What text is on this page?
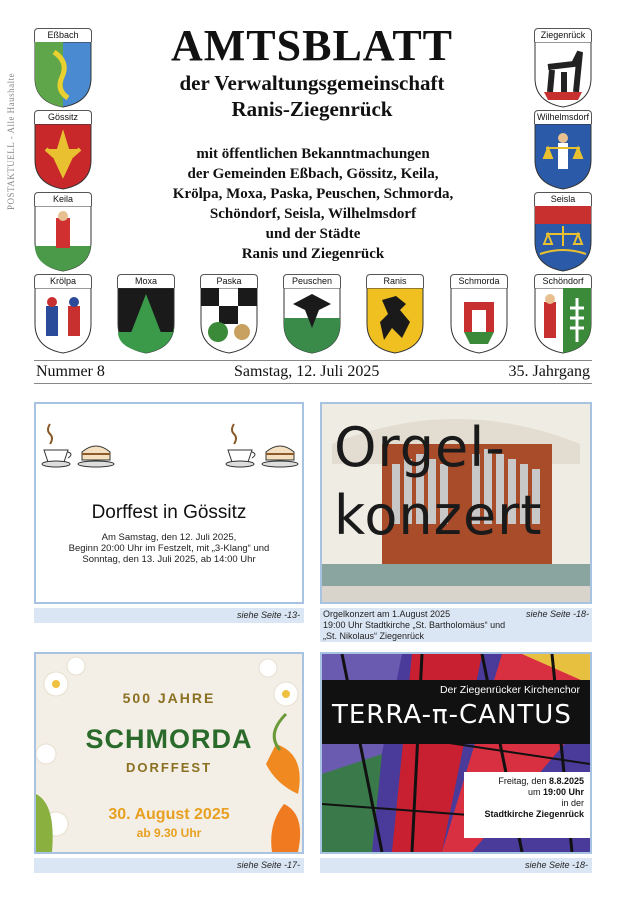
POSTAKTUELL - Alle Haushalte
AMTSBLATT
der Verwaltungsgemeinschaft
Ranis-Ziegenrück
mit öffentlichen Bekanntmachungen
der Gemeinden Eßbach, Gössitz, Keila,
Krölpa, Moxa, Paska, Peuschen, Schmorda,
Schöndorf, Seisla, Wilhelmsdorf
und der Städte
Ranis und Ziegenrück
Eßbach
Gössitz
Keila
Ziegenrück
Wilhelmsdorf
Seisla
Krölpa	Moxa	Paska	Peuschen	Ranis	Schmorda	Schöndorf
Nummer 8	Samstag, 12. Juli 2025	35. Jahrgang
Dorffest in Gössitz
Am Samstag, den 12. Juli 2025,
Beginn 20:00 Uhr im Festzelt, mit „3-Klang“ und
Sonntag, den 13. Juli 2025, ab 14:00 Uhr
siehe Seite -13-
Orgel-
konzert
siehe Seite -18-
Orgelkonzert am 1.August 2025
19:00 Uhr Stadtkirche „St. Bartholomäus“ und
„St. Nikolaus“ Ziegenrück
500 JAHRE
SCHMORDA
DORFFEST
30. August 2025
ab 9.30 Uhr
siehe Seite -17-
Der Ziegenrücker Kirchenchor
TERRA-π-CANTUS
Freitag, den 8.8.2025
um 19:00 Uhr
in der
Stadtkirche Ziegenrück
siehe Seite -18-
